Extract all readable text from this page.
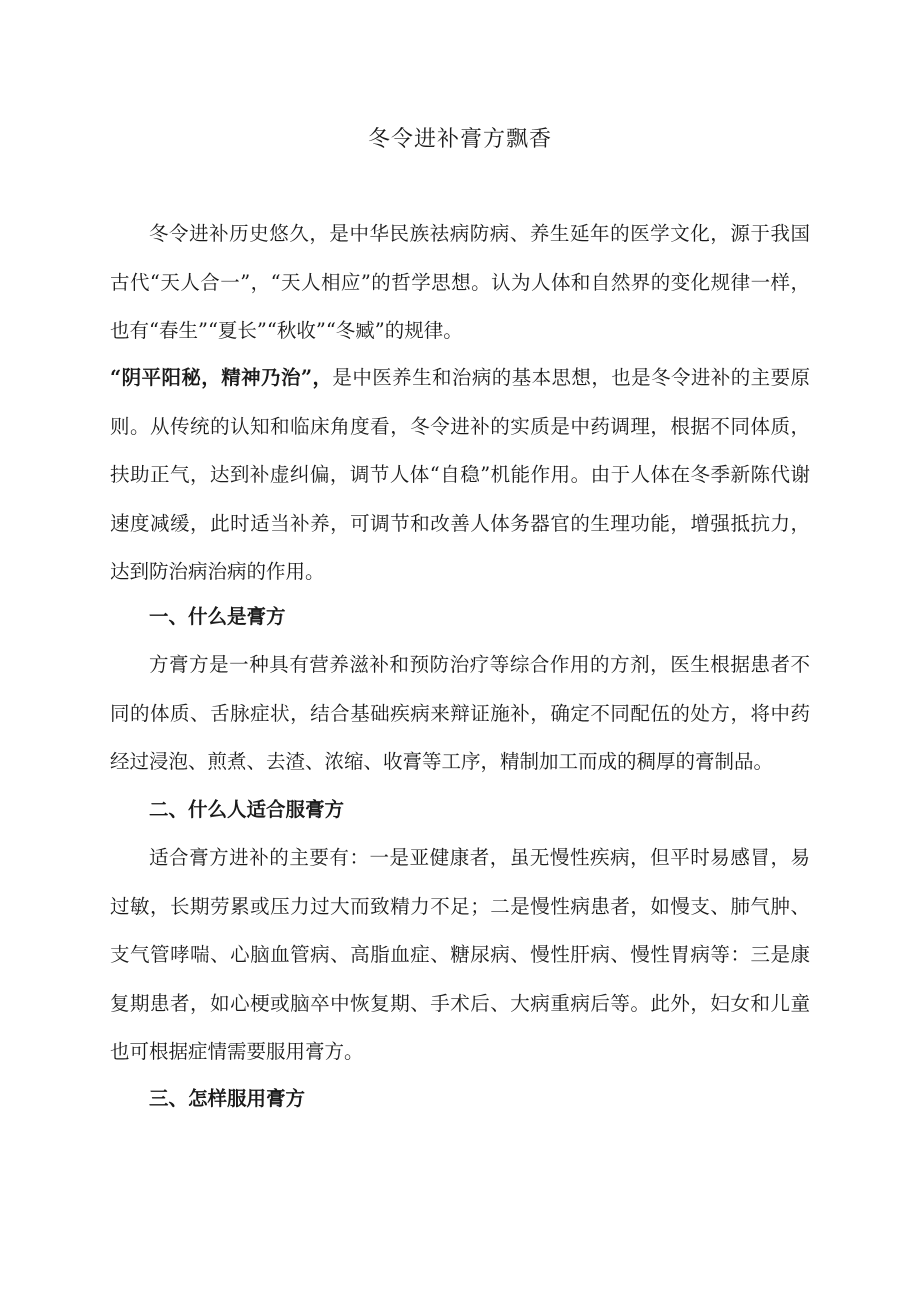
冬令进补膏方飘香

冬令进补历史悠久，是中华民族祛病防病、养生延年的医学文化，源于我国古代“天人合一”，“天人相应”的哲学思想。认为人体和自然界的变化规律一样，也有“春生”“夏长”“秋收”“冬臧”的规律。

“阴平阳秘，精神乃治”，是中医养生和治病的基本思想，也是冬令进补的主要原则。从传统的认知和临床角度看，冬令进补的实质是中药调理，根据不同体质，扶助正气，达到补虚纠偏，调节人体“自稳”机能作用。由于人体在冬季新陈代谢速度减缓，此时适当补养，可调节和改善人体务器官的生理功能，增强抵抗力，达到防治病治病的作用。

一、什么是膏方

方膏方是一种具有营养滋补和预防治疗等综合作用的方剂，医生根据患者不同的体质、舌脉症状，结合基础疾病来辩证施补，确定不同配伍的处方，将中药经过浸泡、煎煮、去渣、浓缩、收膏等工序，精制加工而成的稠厚的膏制品。

二、什么人适合服膏方

适合膏方进补的主要有：一是亚健康者，虽无慢性疾病，但平时易感冒，易过敏，长期劳累或压力过大而致精力不足；二是慢性病患者，如慢支、肺气肿、支气管哮喘、心脑血管病、高脂血症、糖尿病、慢性肝病、慢性胃病等：三是康复期患者，如心梗或脑卒中恢复期、手术后、大病重病后等。此外，妇女和儿童也可根据症情需要服用膏方。

三、怎样服用膏方
